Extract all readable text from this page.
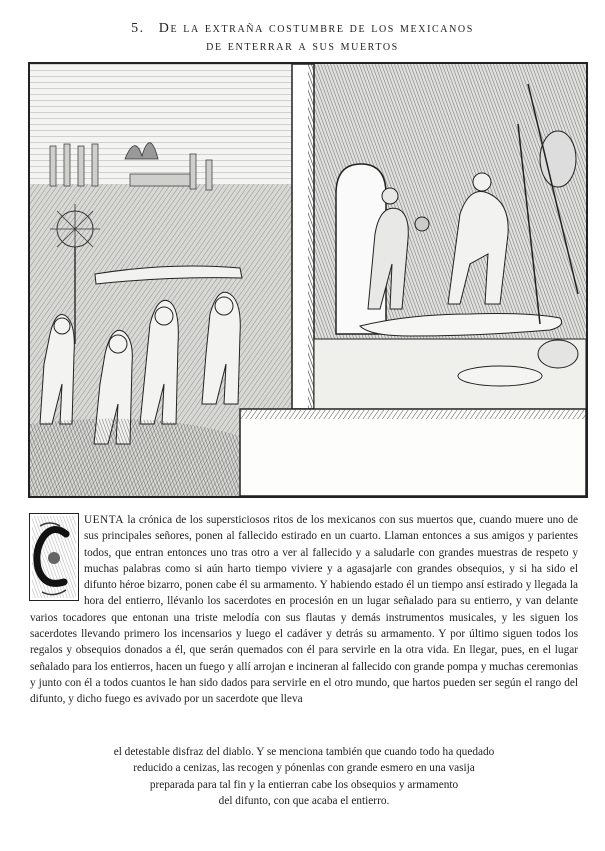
5. De la extraña costumbre de los mexicanos
de enterrar a sus muertos
UENTA la crónica de los supersticiosos ritos de los mexicanos con sus muertos que, cuando muere uno de sus principales señores, ponen al fallecido estirado en un cuarto. Llaman entonces a sus amigos y parientes todos, que entran entonces uno tras otro a ver al fallecido y a saludarle con grandes muestras de respeto y muchas palabras como si aún harto tiempo viviere y a agasajarle con grandes obsequios, y si ha sido el difunto héroe bizarro, ponen cabe él su armamento. Y habiendo estado él un tiempo ansí estirado y llegada la hora del entierro, llévanlo los sacerdotes en procesión en un lugar señalado para su entierro, y van delante varios tocadores que entonan una triste melodía con sus flautas y demás instrumentos musicales, y les siguen los sacerdotes llevando primero los incensarios y luego el cadáver y detrás su armamento. Y por último siguen todos los regalos y obsequios donados a él, que serán quemados con él para servirle en la otra vida. En llegar, pues, en el lugar señalado para los entierros, hacen un fuego y allí arrojan e incineran al fallecido con grande pompa y muchas ceremonias y junto con él a todos cuantos le han sido dados para servirle en el otro mundo, que hartos pueden ser según el rango del difunto, y dicho fuego es avivado por un sacerdote que lleva
el detestable disfraz del diablo. Y se menciona también que cuando todo ha quedado
reducido a cenizas, las recogen y pónenlas con grande esmero en una vasija
preparada para tal fin y la entierran cabe los obsequios y armamento
del difunto, con que acaba el entierro.
